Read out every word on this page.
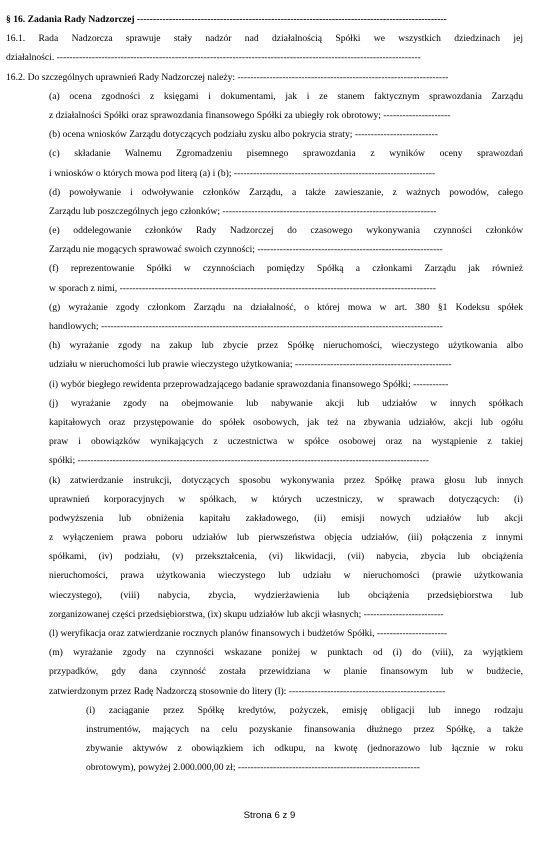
§ 16. Zadania Rady Nadzorczej -------------------------------------------------------------------------------------------------
16.1. Rada Nadzorcza sprawuje stały nadzór nad działalnością Spółki we wszystkich dziedzinach jej
działalności. ------------------------------------------------------------------------------------------------------------------
16.2. Do szczególnych uprawnień Rady Nadzorczej należy: ------------------------------------------------------------------
(a) ocena zgodności z księgami i dokumentami, jak i ze stanem faktycznym sprawozdania Zarządu
z działalności Spółki oraz sprawozdania finansowego Spółki za ubiegły rok obrotowy; ---------------------
(b) ocena wniosków Zarządu dotyczących podziału zysku albo pokrycia straty; --------------------------
(c) składanie Walnemu Zgromadzeniu pisemnego sprawozdania z wyników oceny sprawozdań
i wniosków o których mowa pod literą (a) i (b); ---------------------------------------------------------------
(d) powoływanie i odwoływanie członków Zarządu, a także zawieszanie, z ważnych powodów, całego
Zarządu lub poszczególnych jego członków; -------------------------------------------------------------------
(e) oddelegowanie członków Rady Nadzorczej do czasowego wykonywania czynności członków
Zarządu nie mogących sprawować swoich czynności; ----------------------------------------------------------
(f) reprezentowanie Spółki w czynnościach pomiędzy Spółką a członkami Zarządu jak również
w sporach z nimi, ---------------------------------------------------------------------------------------------------
(g) wyrażanie zgody członkom Zarządu na działalność, o której mowa w art. 380 §1 Kodeksu spółek
handlowych; -----------------------------------------------------------------------------------------------------------
(h) wyrażanie zgody na zakup lub zbycie przez Spółkę nieruchomości, wieczystego użytkowania albo
udziału w nieruchomości lub prawie wieczystego użytkowania; -------------------------------------------------
(i) wybór biegłego rewidenta przeprowadzającego badanie sprawozdania finansowego Spółki; -----------
(j) wyrażanie zgody na obejmowanie lub nabywanie akcji lub udziałów w innych spółkach
kapitałowych oraz przystępowanie do spółek osobowych, jak też na zbywania udziałów, akcji lub ogółu
praw i obowiązków wynikających z uczestnictwa w spółce osobowej oraz na wystąpienie z takiej
spółki; --------------------------------------------------------------------------------------------------------------
(k) zatwierdzanie instrukcji, dotyczących sposobu wykonywania przez Spółkę prawa głosu lub innych
uprawnień korporacyjnych w spółkach, w których uczestniczy, w sprawach dotyczących: (i)
podwyższenia lub obniżenia kapitału zakładowego, (ii) emisji nowych udziałów lub akcji
z wyłączeniem prawa poboru udziałów lub pierwszeństwa objęcia udziałów, (iii) połączenia z innymi
spółkami, (iv) podziału, (v) przekształcenia, (vi) likwidacji, (vii) nabycia, zbycia lub obciążenia
nieruchomości, prawa użytkowania wieczystego lub udziału w nieruchomości (prawie użytkowania
wieczystego), (viii) nabycia, zbycia, wydzierżawienia lub obciążenia przedsiębiorstwa lub
zorganizowanej części przedsiębiorstwa, (ix) skupu udziałów lub akcji własnych; -------------------------
(l) weryfikacja oraz zatwierdzanie rocznych planów finansowych i budżetów Spółki, ----------------------
(m) wyrażanie zgody na czynności wskazane poniżej w punktach od (i) do (viii), za wyjątkiem
przypadków, gdy dana czynność została przewidziana w planie finansowym lub w budżecie,
zatwierdzonym przez Radę Nadzorczą stosownie do litery (l): -------------------------------------------------
(i) zaciąganie przez Spółkę kredytów, pożyczek, emisję obligacji lub innego rodzaju
instrumentów, mających na celu pozyskanie finansowania dłużnego przez Spółkę, a także
zbywanie aktywów z obowiązkiem ich odkupu, na kwotę (jednorazowo lub łącznie w roku
obrotowym), powyżej 2.000.000,00 zł; ---------------------------------------------------------
Strona 6 z 9
